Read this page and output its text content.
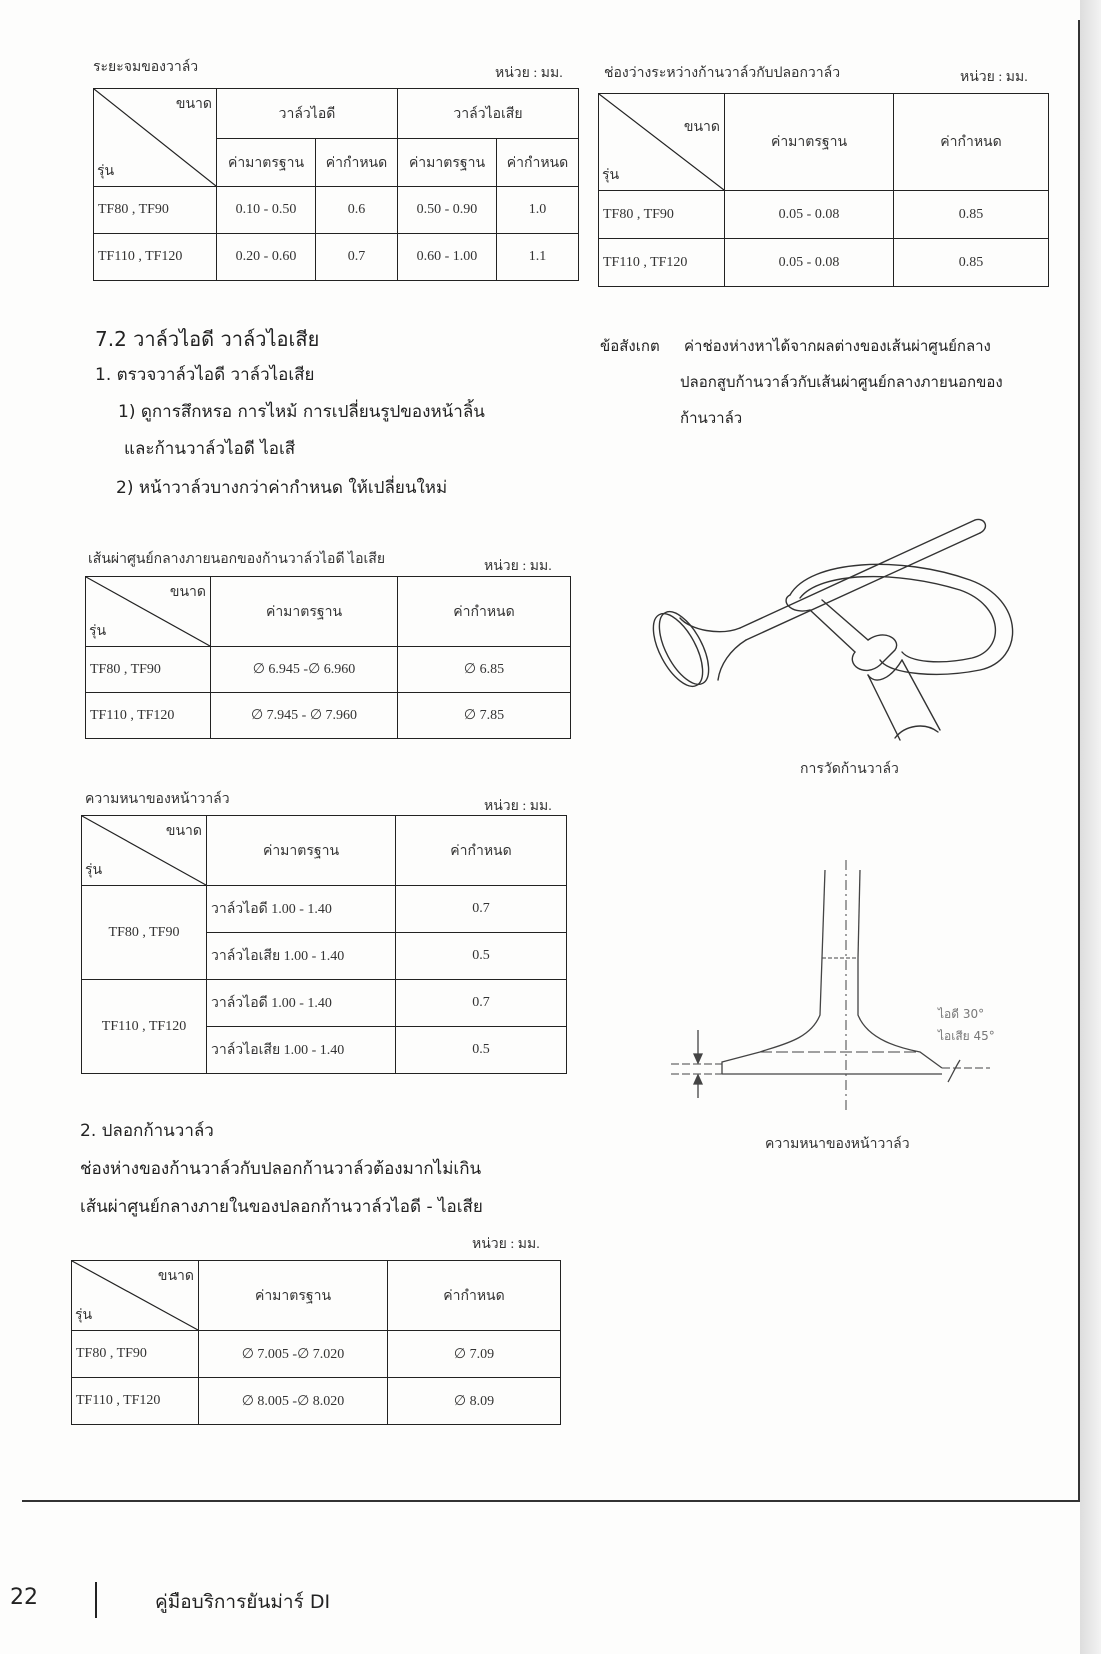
ระยะจมของวาล์ว	หน่วย : มม.
ขนาด
รุ่น	วาล์วไอดี		วาล์วไอเสีย	
	ค่ามาตรฐาน	ค่ากำหนด	ค่ามาตรฐาน	ค่ากำหนด
TF80 , TF90	0.10 - 0.50	0.6	0.50 - 0.90	1.0
TF110 , TF120	0.20 - 0.60	0.7	0.60 - 1.00	1.1
ช่องว่างระหว่างก้านวาล์วกับปลอกวาล์ว	หน่วย : มม.
ขนาด
รุ่น	ค่ามาตรฐาน	ค่ากำหนด
TF80 , TF90	0.05 - 0.08	0.85
TF110 , TF120	0.05 - 0.08	0.85
7.2 วาล์วไอดี วาล์วไอเสีย
1. ตรวจวาล์วไอดี วาล์วไอเสีย
1) ดูการสึกหรอ การไหม้ การเปลี่ยนรูปของหน้าลิ้น
และก้านวาล์วไอดี ไอเสี
2) หน้าวาล์วบางกว่าค่ากำหนด ให้เปลี่ยนใหม่
ข้อสังเกต ค่าช่องห่างหาได้จากผลต่างของเส้นผ่าศูนย์กลาง
ปลอกสูบก้านวาล์วกับเส้นผ่าศูนย์กลางภายนอกของ
ก้านวาล์ว
เส้นผ่าศูนย์กลางภายนอกของก้านวาล์วไอดี ไอเสีย	หน่วย : มม.
ขนาด
รุ่น	ค่ามาตรฐาน	ค่ากำหนด
TF80 , TF90	∅ 6.945 -∅ 6.960	∅ 6.85
TF110 , TF120	∅ 7.945 - ∅ 7.960	∅ 7.85
ความหนาของหน้าวาล์ว	หน่วย : มม.
ขนาด
รุ่น	ค่ามาตรฐาน	ค่ากำหนด
TF80 , TF90	วาล์วไอดี 1.00 - 1.40	0.7
	วาล์วไอเสีย 1.00 - 1.40	0.5
TF110 , TF120	วาล์วไอดี 1.00 - 1.40	0.7
	วาล์วไอเสีย 1.00 - 1.40	0.5
2. ปลอกก้านวาล์ว
ช่องห่างของก้านวาล์วกับปลอกก้านวาล์วต้องมากไม่เกิน
เส้นผ่าศูนย์กลางภายในของปลอกก้านวาล์วไอดี - ไอเสีย
หน่วย : มม.
ขนาด
รุ่น	ค่ามาตรฐาน	ค่ากำหนด
TF80 , TF90	∅ 7.005 -∅ 7.020	∅ 7.09
TF110 , TF120	∅ 8.005 -∅ 8.020	∅ 8.09
การวัดก้านวาล์ว
ไอดี 30°
ไอเสีย 45°
ความหนาของหน้าวาล์ว
22	คู่มือบริการยันม่าร์ DI
